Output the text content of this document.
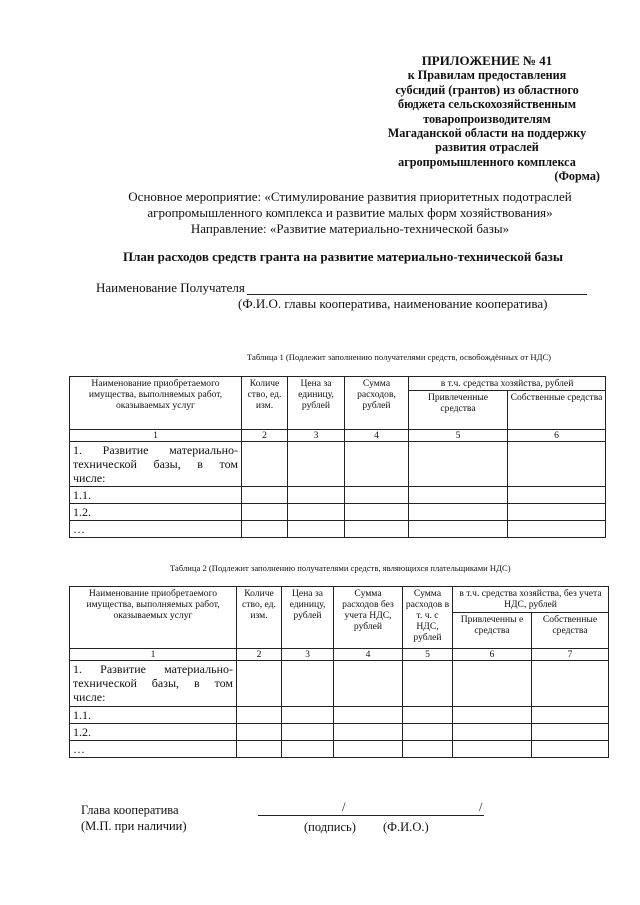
ПРИЛОЖЕНИЕ № 41
к Правилам предоставления
субсидий (грантов) из областного
бюджета сельскохозяйственным
товаропроизводителям
Магаданской области на поддержку
развития отраслей
агропромышленного комплекса
(Форма)
Основное мероприятие: «Стимулирование развития приоритетных подотраслей
агропромышленного комплекса и развитие малых форм хозяйствования»
Направление: «Развитие материально-технической базы»
План расходов средств гранта на развитие материально-технической базы
Наименование Получателя
(Ф.И.О. главы кооператива, наименование кооператива)
Таблица 1 (Подлежит заполнению получателями средств, освобождённых от НДС)
Наименование приобретаемого имущества, выполняемых работ, оказываемых услуг	Количе ство, ед. изм.	Цена за единицу, рублей	Сумма расходов, рублей	в т.ч. средства хозяйства, рублей	
				Привлеченные средства	Собственные средства
1	2	3	4	5	6
1. Развитие материально-технической базы, в том
числе:					

1.1.					
1.2.					
…					
Таблица 2 (Подлежит заполнению получателями средств, являющихся плательщиками НДС)
Наименование приобретаемого имущества, выполняемых работ, оказываемых услуг	Количе ство, ед. изм.	Цена за единицу, рублей	Сумма расходов без учета НДС, рублей	Сумма расходов в т. ч. с НДС, рублей	в т.ч. средства хозяйства, без учета НДС, рублей	
					Привлеченны е средства	Собственные средства
1	2	3	4	5	6	7
1. Развитие материально-технической базы, в том
числе:						

1.1.						
1.2.						
…						
Глава кооператива
(М.П. при наличии)
/	/
(подпись) (Ф.И.О.)
